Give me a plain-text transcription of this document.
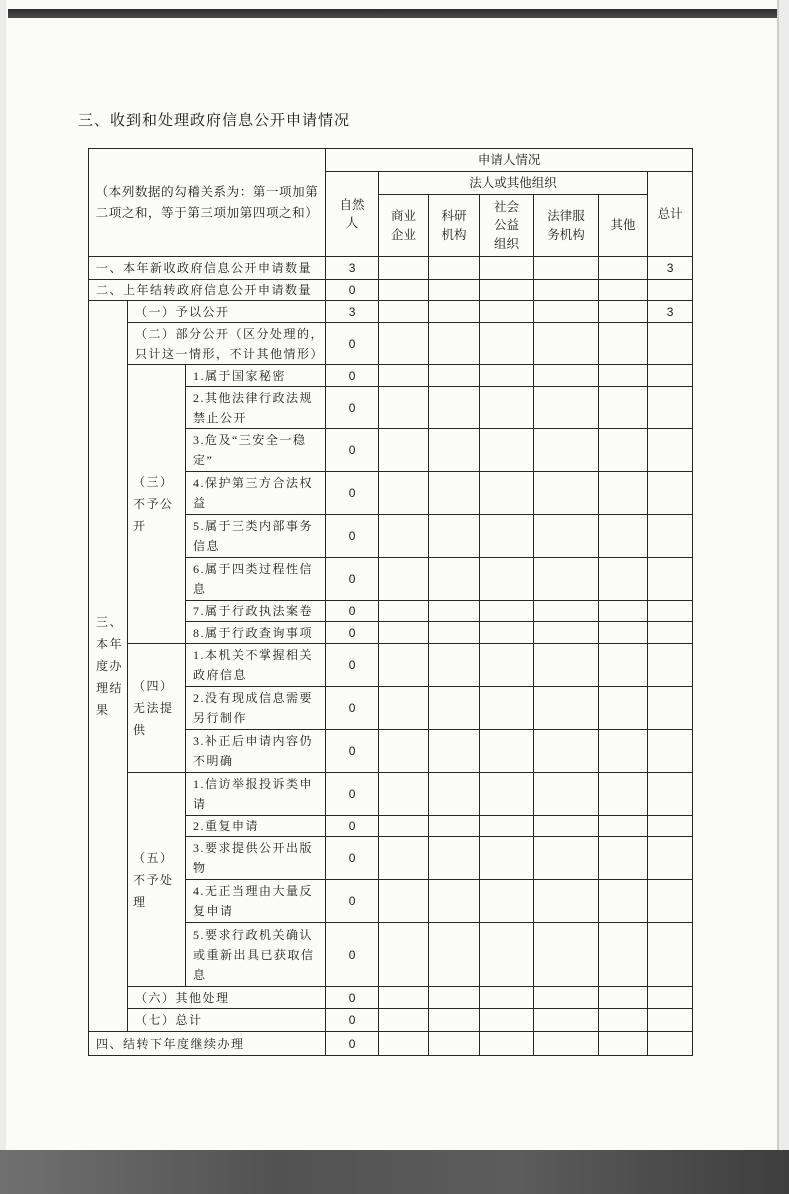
三、收到和处理政府信息公开申请情况
（本列数据的勾稽关系为：第一项加第二项之和，等于第三项加第四项之和）			申请人情况						
			自然人	法人或其他组织					总计
				商业企业	科研机构	社会公益组织	法律服务机构	其他	
一、本年新收政府信息公开申请数量			3						3
二、上年结转政府信息公开申请数量			0						
三、本年度办理结果	（一）予以公开		3						3
	（二）部分公开（区分处理的，只计这一情形，不计其他情形）		0						
	（三）不予公开	1.属于国家秘密	0						
		2.其他法律行政法规禁止公开	0						
		3.危及“三安全一稳定”	0						
		4.保护第三方合法权益	0						
		5.属于三类内部事务信息	0						
		6.属于四类过程性信息	0						
		7.属于行政执法案卷	0						
		8.属于行政查询事项	0						
	（四）无法提供	1.本机关不掌握相关政府信息	0						
		2.没有现成信息需要另行制作	0						
		3.补正后申请内容仍不明确	0						
	（五）不予处理	1.信访举报投诉类申请	0						
		2.重复申请	0						
		3.要求提供公开出版物	0						
		4.无正当理由大量反复申请	0						
		5.要求行政机关确认或重新出具已获取信息	0						
	（六）其他处理		0						
	（七）总计		0						
四、结转下年度继续办理			0						
